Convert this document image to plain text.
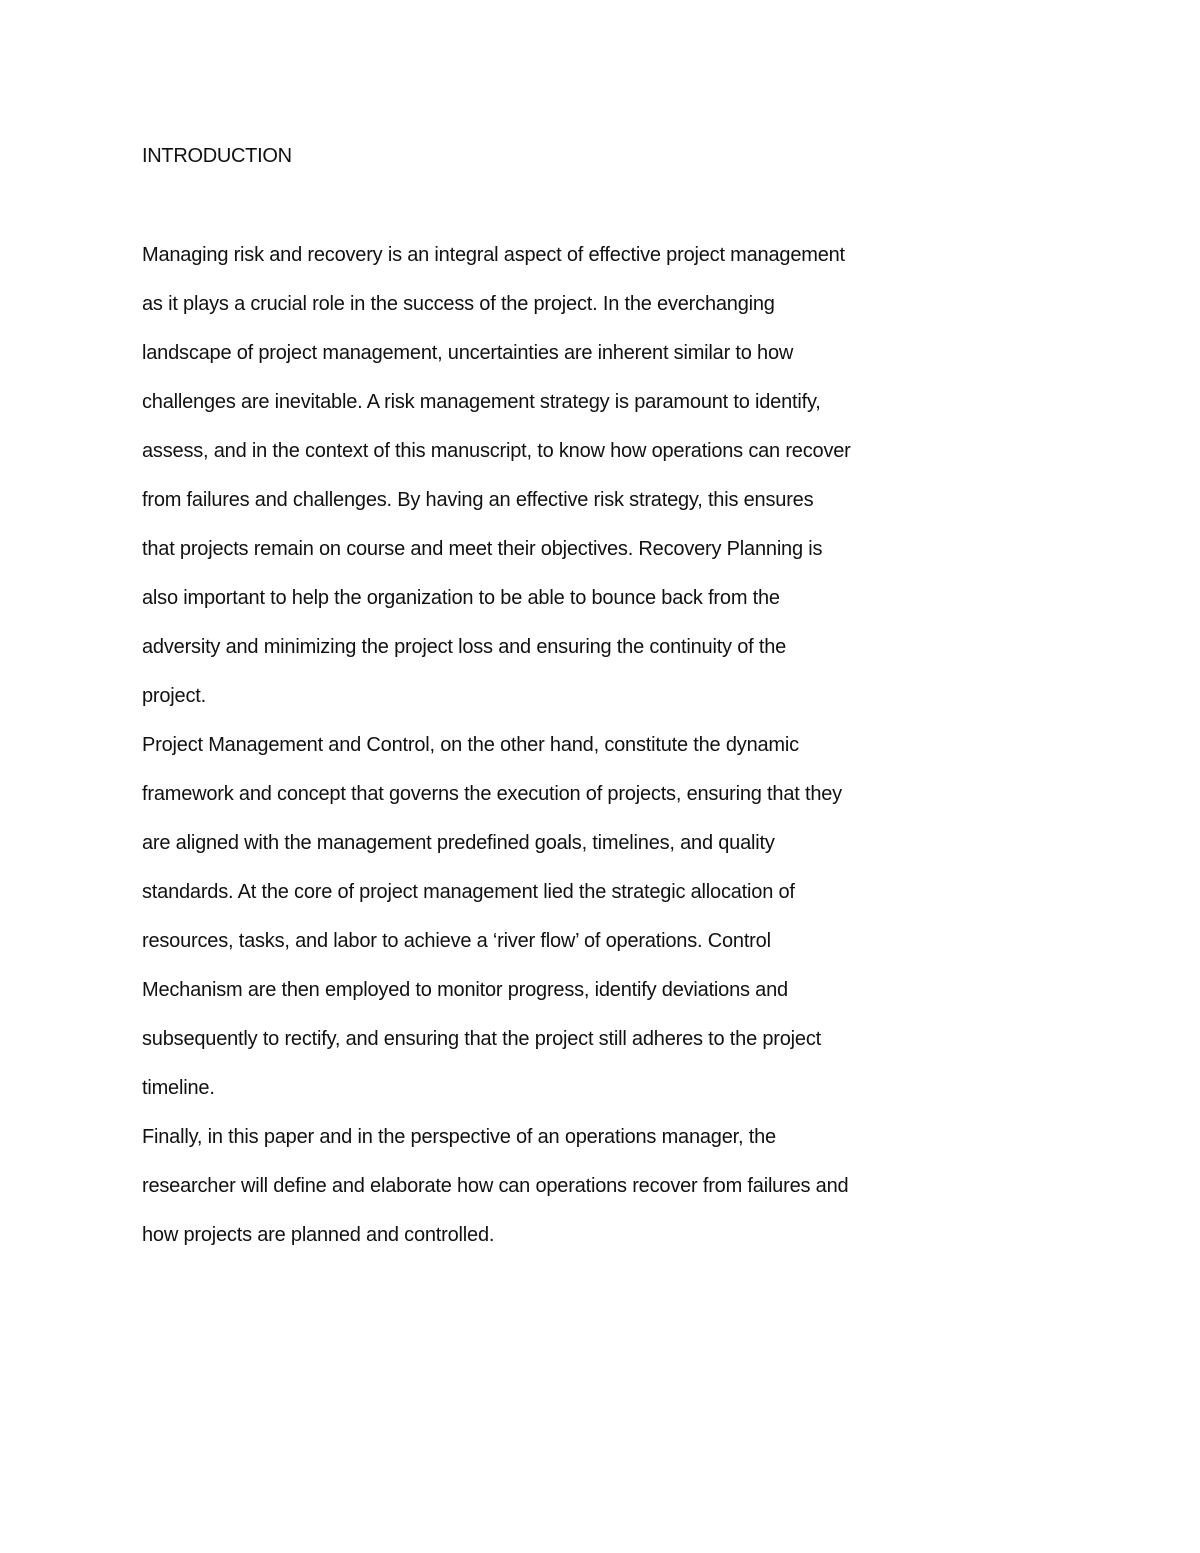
INTRODUCTION
Managing risk and recovery is an integral aspect of effective project management
as it plays a crucial role in the success of the project. In the everchanging
landscape of project management, uncertainties are inherent similar to how
challenges are inevitable. A risk management strategy is paramount to identify,
assess, and in the context of this manuscript, to know how operations can recover
from failures and challenges. By having an effective risk strategy, this ensures
that projects remain on course and meet their objectives. Recovery Planning is
also important to help the organization to be able to bounce back from the
adversity and minimizing the project loss and ensuring the continuity of the
project.
Project Management and Control, on the other hand, constitute the dynamic
framework and concept that governs the execution of projects, ensuring that they
are aligned with the management predefined goals, timelines, and quality
standards. At the core of project management lied the strategic allocation of
resources, tasks, and labor to achieve a ‘river flow’ of operations. Control
Mechanism are then employed to monitor progress, identify deviations and
subsequently to rectify, and ensuring that the project still adheres to the project
timeline.
Finally, in this paper and in the perspective of an operations manager, the
researcher will define and elaborate how can operations recover from failures and
how projects are planned and controlled.
